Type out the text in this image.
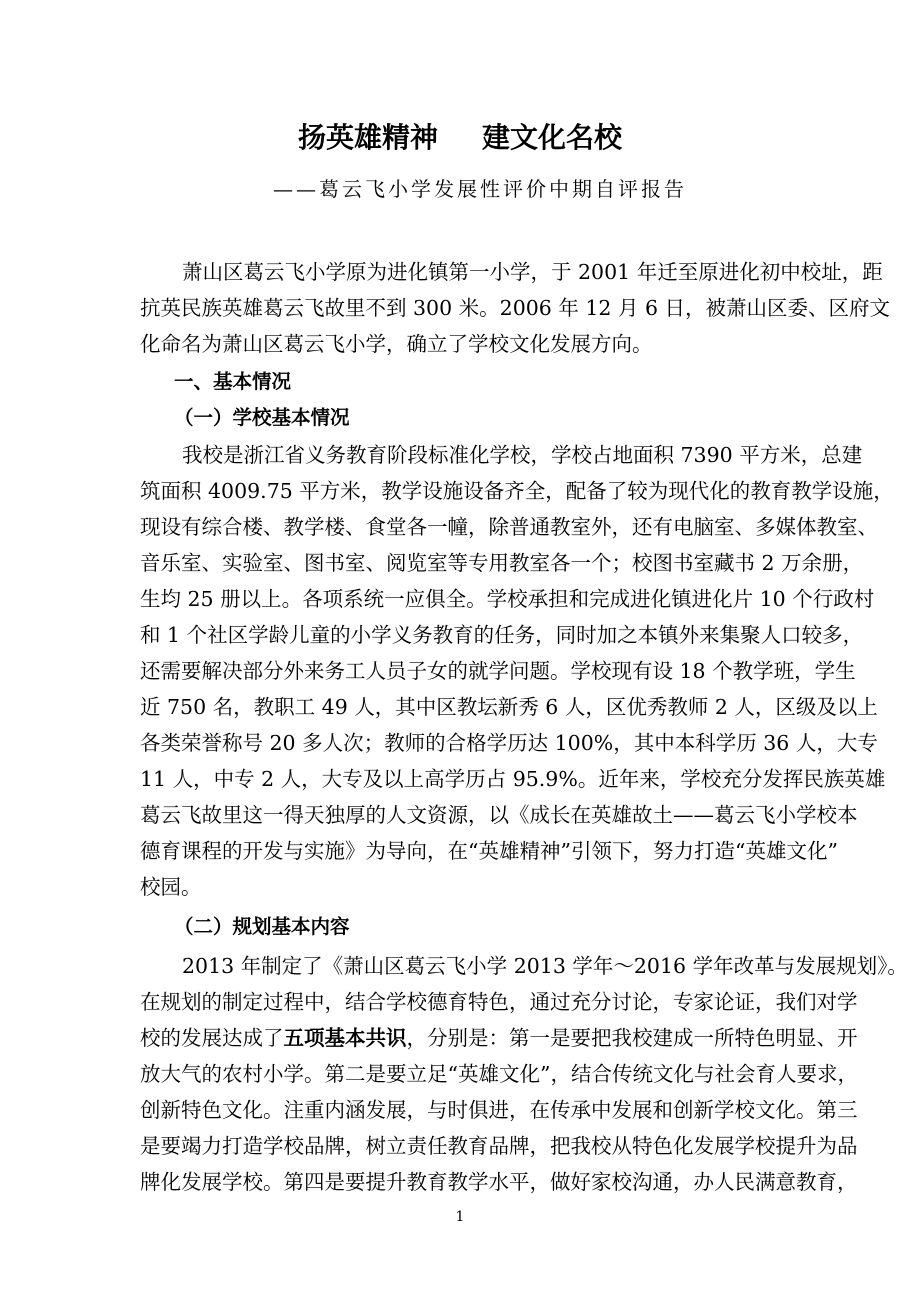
扬英雄精神 建文化名校
——葛云飞小学发展性评价中期自评报告
萧山区葛云飞小学原为进化镇第一小学，于 2001 年迁至原进化初中校址，距
抗英民族英雄葛云飞故里不到 300 米。2006 年 12 月 6 日，被萧山区委、区府文
化命名为萧山区葛云飞小学，确立了学校文化发展方向。
一、基本情况
（一）学校基本情况
我校是浙江省义务教育阶段标准化学校，学校占地面积 7390 平方米，总建
筑面积 4009.75 平方米，教学设施设备齐全，配备了较为现代化的教育教学设施，
现设有综合楼、教学楼、食堂各一幢，除普通教室外，还有电脑室、多媒体教室、
音乐室、实验室、图书室、阅览室等专用教室各一个；校图书室藏书 2 万余册，
生均 25 册以上。各项系统一应俱全。学校承担和完成进化镇进化片 10 个行政村
和 1 个社区学龄儿童的小学义务教育的任务，同时加之本镇外来集聚人口较多，
还需要解决部分外来务工人员子女的就学问题。学校现有设 18 个教学班，学生
近 750 名，教职工 49 人，其中区教坛新秀 6 人，区优秀教师 2 人，区级及以上
各类荣誉称号 20 多人次；教师的合格学历达 100%，其中本科学历 36 人，大专
11 人，中专 2 人，大专及以上高学历占 95.9%。近年来，学校充分发挥民族英雄
葛云飞故里这一得天独厚的人文资源，以《成长在英雄故土——葛云飞小学校本
德育课程的开发与实施》为导向，在“英雄精神”引领下，努力打造“英雄文化”
校园。
（二）规划基本内容
2013 年制定了《萧山区葛云飞小学 2013 学年～2016 学年改革与发展规划》。
在规划的制定过程中，结合学校德育特色，通过充分讨论，专家论证，我们对学
校的发展达成了五项基本共识，分别是：第一是要把我校建成一所特色明显、开
放大气的农村小学。第二是要立足“英雄文化”，结合传统文化与社会育人要求，
创新特色文化。注重内涵发展，与时俱进，在传承中发展和创新学校文化。第三
是要竭力打造学校品牌，树立责任教育品牌，把我校从特色化发展学校提升为品
牌化发展学校。第四是要提升教育教学水平，做好家校沟通，办人民满意教育，
1
